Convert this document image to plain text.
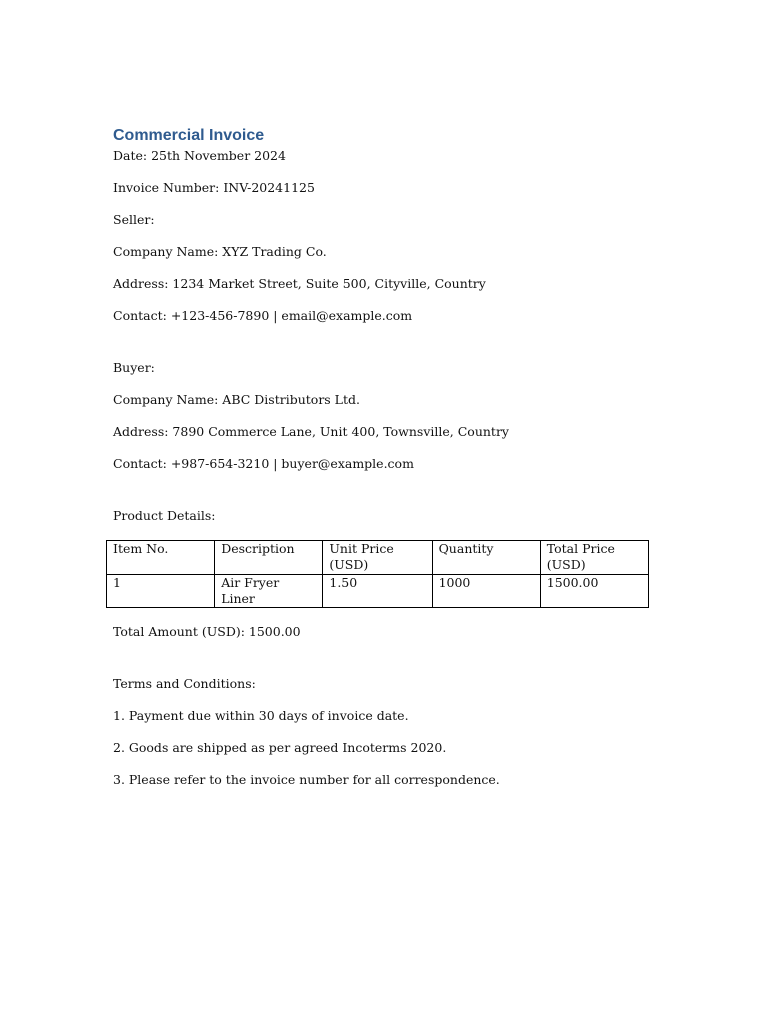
Commercial Invoice

Date: 25th November 2024

Invoice Number: INV-20241125

Seller:

Company Name: XYZ Trading Co.

Address: 1234 Market Street, Suite 500, Cityville, Country

Contact: +123-456-7890 | email@example.com

Buyer:

Company Name: ABC Distributors Ltd.

Address: 7890 Commerce Lane, Unit 400, Townsville, Country

Contact: +987-654-3210 | buyer@example.com

Product Details:

Item No.	Description	Unit Price (USD)	Quantity	Total Price (USD)
1	Air Fryer Liner	1.50	1000	1500.00

Total Amount (USD): 1500.00

Terms and Conditions:

1. Payment due within 30 days of invoice date.

2. Goods are shipped as per agreed Incoterms 2020.

3. Please refer to the invoice number for all correspondence.
